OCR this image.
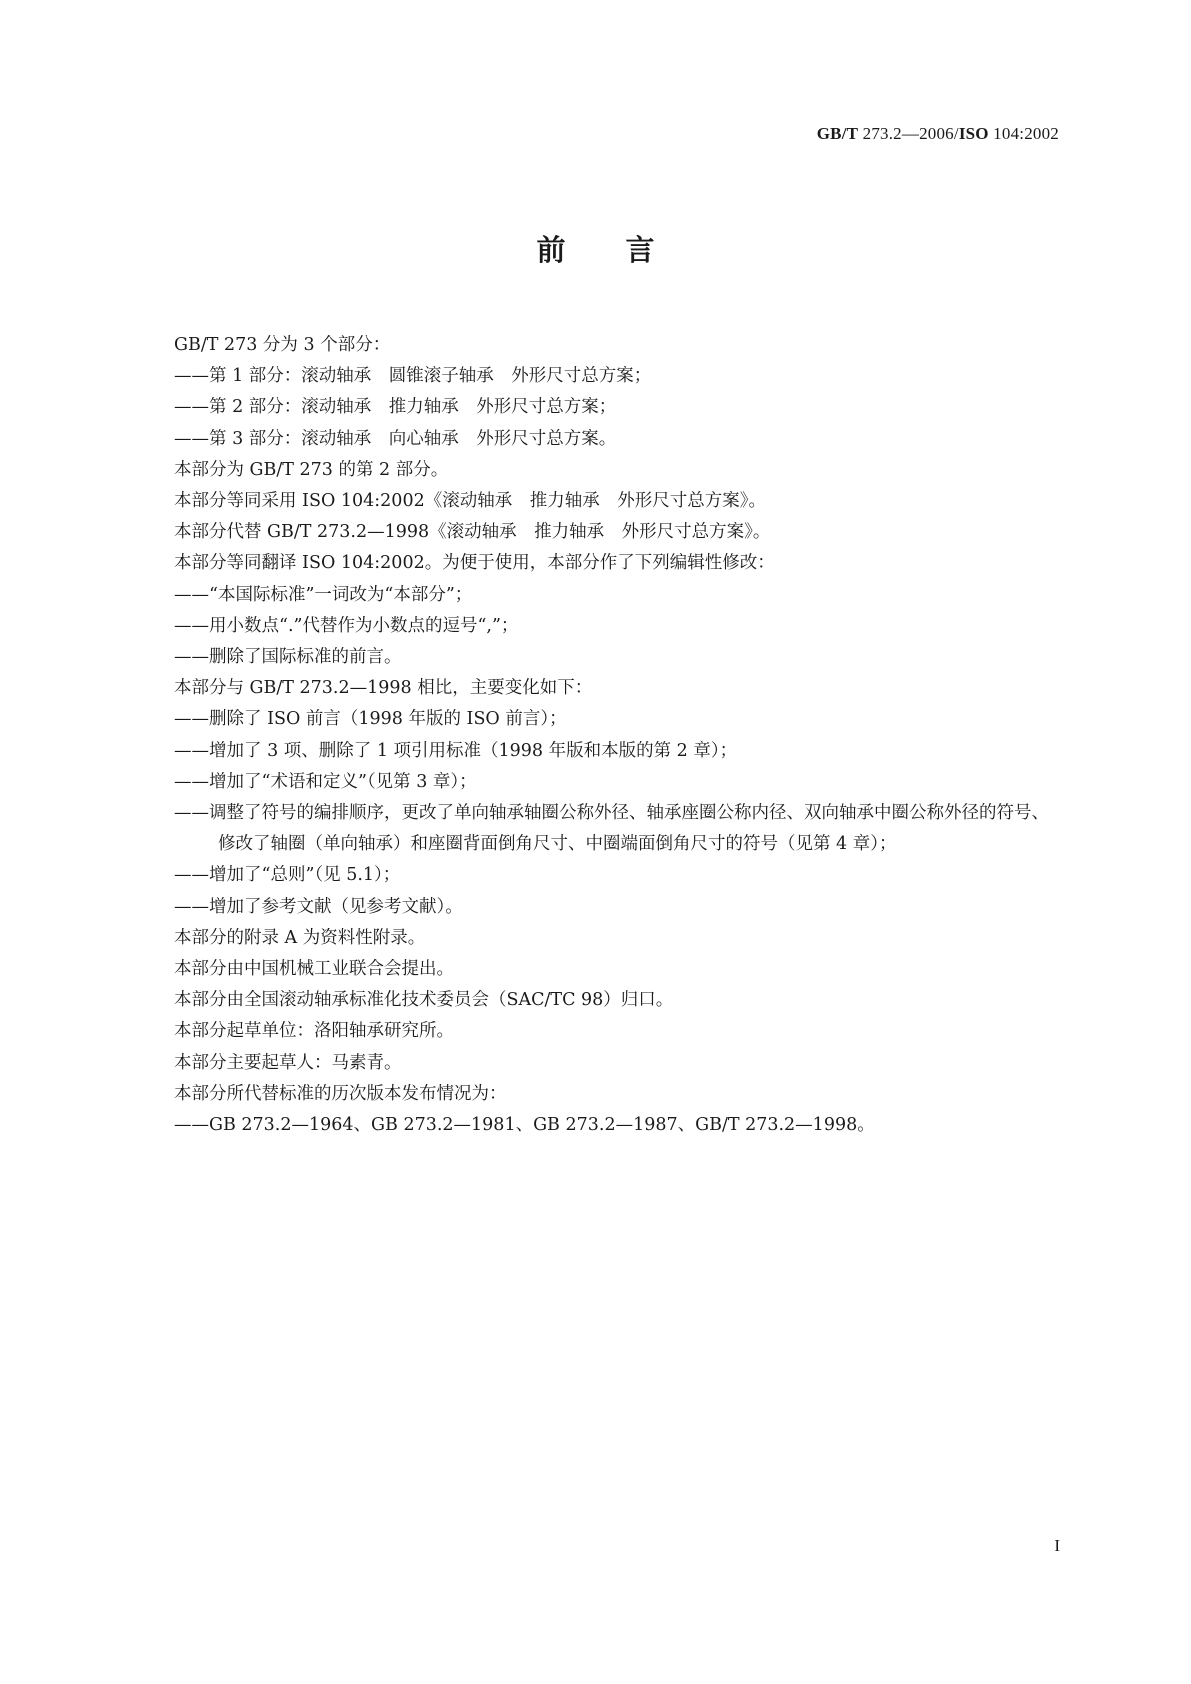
GB/T 273.2—2006/ISO 104:2002
前言
GB/T 273 分为 3 个部分：
——第 1 部分：滚动轴承　圆锥滚子轴承　外形尺寸总方案；
——第 2 部分：滚动轴承　推力轴承　外形尺寸总方案；
——第 3 部分：滚动轴承　向心轴承　外形尺寸总方案。
本部分为 GB/T 273 的第 2 部分。
本部分等同采用 ISO 104:2002《滚动轴承　推力轴承　外形尺寸总方案》。
本部分代替 GB/T 273.2—1998《滚动轴承　推力轴承　外形尺寸总方案》。
本部分等同翻译 ISO 104:2002。为便于使用，本部分作了下列编辑性修改：
——“本国际标准”一词改为“本部分”；
——用小数点“.”代替作为小数点的逗号“,”；
——删除了国际标准的前言。
本部分与 GB/T 273.2—1998 相比，主要变化如下：
——删除了 ISO 前言（1998 年版的 ISO 前言）；
——增加了 3 项、删除了 1 项引用标准（1998 年版和本版的第 2 章）；
——增加了“术语和定义”（见第 3 章）；
——调整了符号的编排顺序，更改了单向轴承轴圈公称外径、轴承座圈公称内径、双向轴承中圈公称外径的符号、修改了轴圈（单向轴承）和座圈背面倒角尺寸、中圈端面倒角尺寸的符号（见第 4 章）；
——增加了“总则”（见 5.1）；
——增加了参考文献（见参考文献）。
本部分的附录 A 为资料性附录。
本部分由中国机械工业联合会提出。
本部分由全国滚动轴承标准化技术委员会（SAC/TC 98）归口。
本部分起草单位：洛阳轴承研究所。
本部分主要起草人：马素青。
本部分所代替标准的历次版本发布情况为：
——GB 273.2—1964、GB 273.2—1981、GB 273.2—1987、GB/T 273.2—1998。
I
